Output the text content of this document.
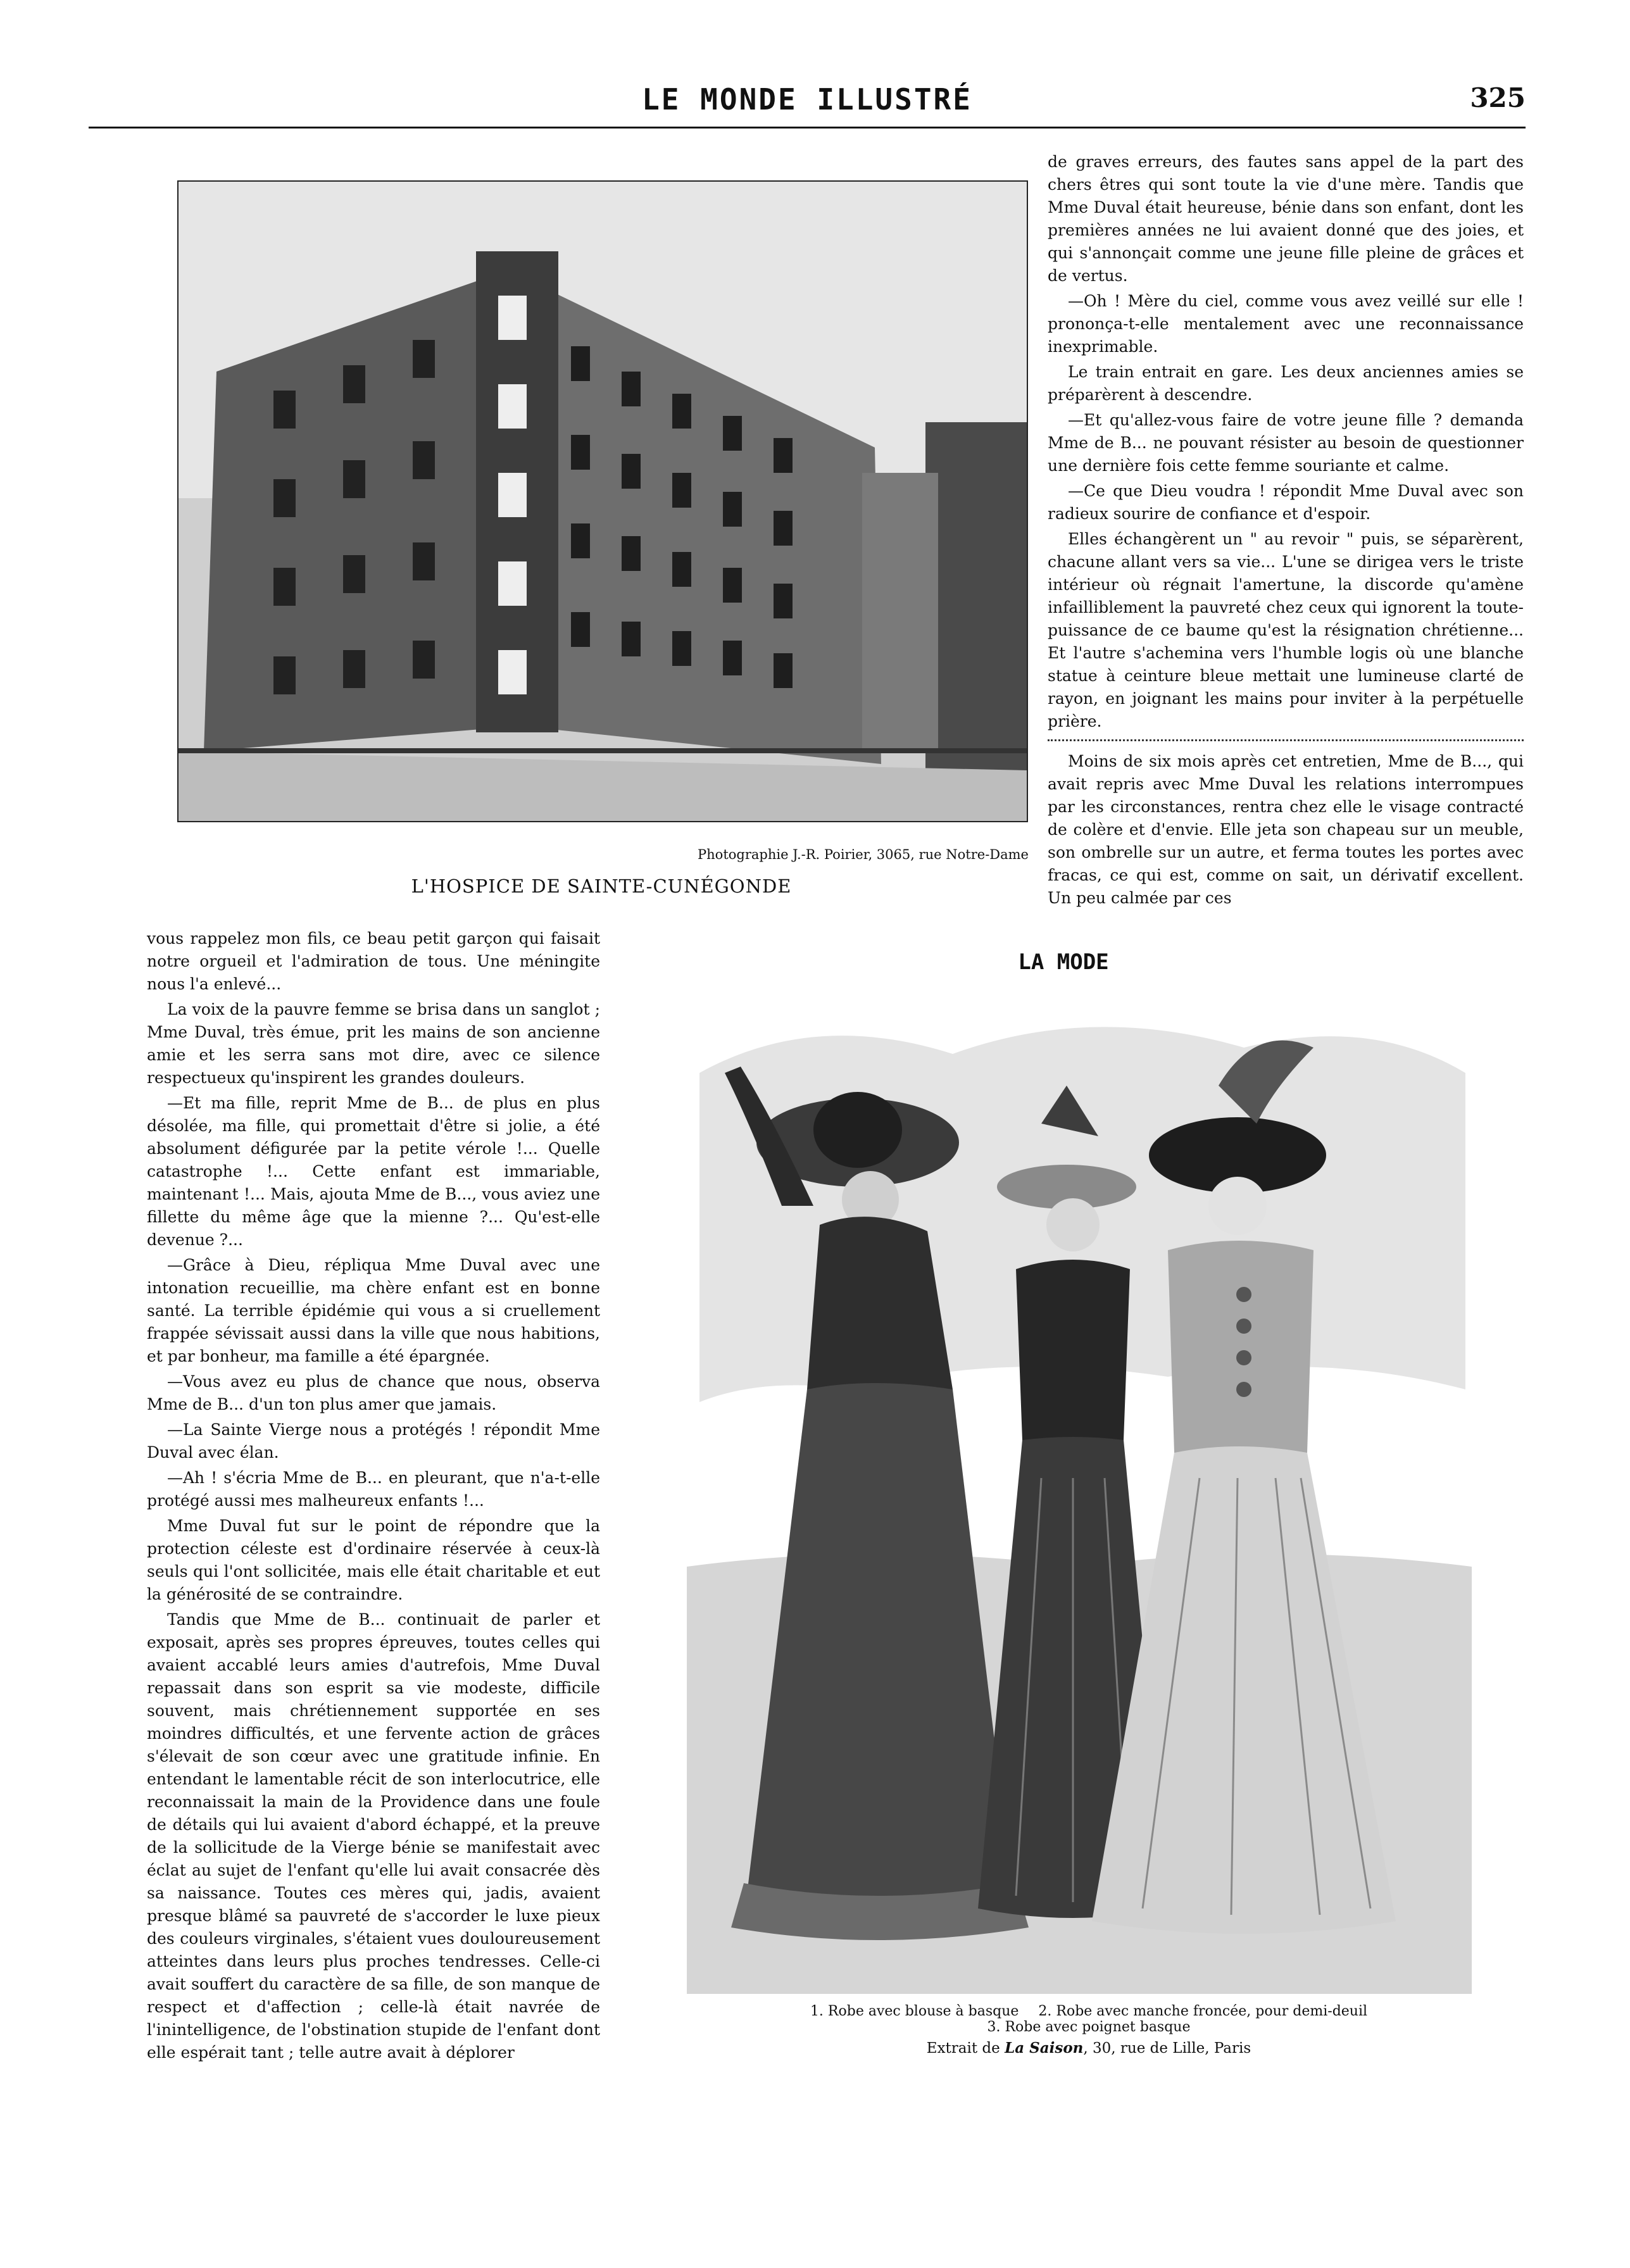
LE MONDE ILLUSTRÉ	325
Photographie J.-R. Poirier, 3065, rue Notre-Dame
L'HOSPICE DE SAINTE-CUNÉGONDE

de graves erreurs, des fautes sans appel de la part des chers êtres qui sont toute la vie d'une mère. Tandis que Mme Duval était heureuse, bénie dans son enfant, dont les premières années ne lui avaient donné que des joies, et qui s'annonçait comme une jeune fille pleine de grâces et de vertus.

—Oh ! Mère du ciel, comme vous avez veillé sur elle ! prononça-t-elle mentalement avec une reconnaissance inexprimable.

Le train entrait en gare. Les deux anciennes amies se préparèrent à descendre.

—Et qu'allez-vous faire de votre jeune fille ? demanda Mme de B... ne pouvant résister au besoin de questionner une dernière fois cette femme souriante et calme.

—Ce que Dieu voudra ! répondit Mme Duval avec son radieux sourire de confiance et d'espoir.

Elles échangèrent un " au revoir " puis, se séparèrent, chacune allant vers sa vie... L'une se dirigea vers le triste intérieur où régnait l'amertune, la discorde qu'amène infailliblement la pauvreté chez ceux qui ignorent la toute-puissance de ce baume qu'est la résignation chrétienne... Et l'autre s'achemina vers l'humble logis où une blanche statue à ceinture bleue mettait une lumineuse clarté de rayon, en joignant les mains pour inviter à la perpétuelle prière.

Moins de six mois après cet entretien, Mme de B..., qui avait repris avec Mme Duval les relations interrompues par les circonstances, rentra chez elle le visage contracté de colère et d'envie. Elle jeta son chapeau sur un meuble, son ombrelle sur un autre, et ferma toutes les portes avec fracas, ce qui est, comme on sait, un dérivatif excellent. Un peu calmée par ces

vous rappelez mon fils, ce beau petit garçon qui faisait notre orgueil et l'admiration de tous. Une méningite nous l'a enlevé...

La voix de la pauvre femme se brisa dans un sanglot ; Mme Duval, très émue, prit les mains de son ancienne amie et les serra sans mot dire, avec ce silence respectueux qu'inspirent les grandes douleurs.

—Et ma fille, reprit Mme de B... de plus en plus désolée, ma fille, qui promettait d'être si jolie, a été absolument défigurée par la petite vérole !... Quelle catastrophe !... Cette enfant est immariable, maintenant !... Mais, ajouta Mme de B..., vous aviez une fillette du même âge que la mienne ?... Qu'est-elle devenue ?...

—Grâce à Dieu, répliqua Mme Duval avec une intonation recueillie, ma chère enfant est en bonne santé. La terrible épidémie qui vous a si cruellement frappée sévissait aussi dans la ville que nous habitions, et par bonheur, ma famille a été épargnée.

—Vous avez eu plus de chance que nous, observa Mme de B... d'un ton plus amer que jamais.

—La Sainte Vierge nous a protégés ! répondit Mme Duval avec élan.

—Ah ! s'écria Mme de B... en pleurant, que n'a-t-elle protégé aussi mes malheureux enfants !...

Mme Duval fut sur le point de répondre que la protection céleste est d'ordinaire réservée à ceux-là seuls qui l'ont sollicitée, mais elle était charitable et eut la générosité de se contraindre.

Tandis que Mme de B... continuait de parler et exposait, après ses propres épreuves, toutes celles qui avaient accablé leurs amies d'autrefois, Mme Duval repassait dans son esprit sa vie modeste, difficile souvent, mais chrétiennement supportée en ses moindres difficultés, et une fervente action de grâces s'élevait de son cœur avec une gratitude infinie. En entendant le lamentable récit de son interlocutrice, elle reconnaissait la main de la Providence dans une foule de détails qui lui avaient d'abord échappé, et la preuve de la sollicitude de la Vierge bénie se manifestait avec éclat au sujet de l'enfant qu'elle lui avait consacrée dès sa naissance. Toutes ces mères qui, jadis, avaient presque blâmé sa pauvreté de s'accorder le luxe pieux des couleurs virginales, s'étaient vues douloureusement atteintes dans leurs plus proches tendresses. Celle-ci avait souffert du caractère de sa fille, de son manque de respect et d'affection ; celle-là était navrée de l'inintelligence, de l'obstination stupide de l'enfant dont elle espérait tant ; telle autre avait à déplorer

LA MODE
1. Robe avec blouse à basque 2. Robe avec manche froncée, pour demi-deuil 3. Robe avec poignet basque
Extrait de La Saison, 30, rue de Lille, Paris
